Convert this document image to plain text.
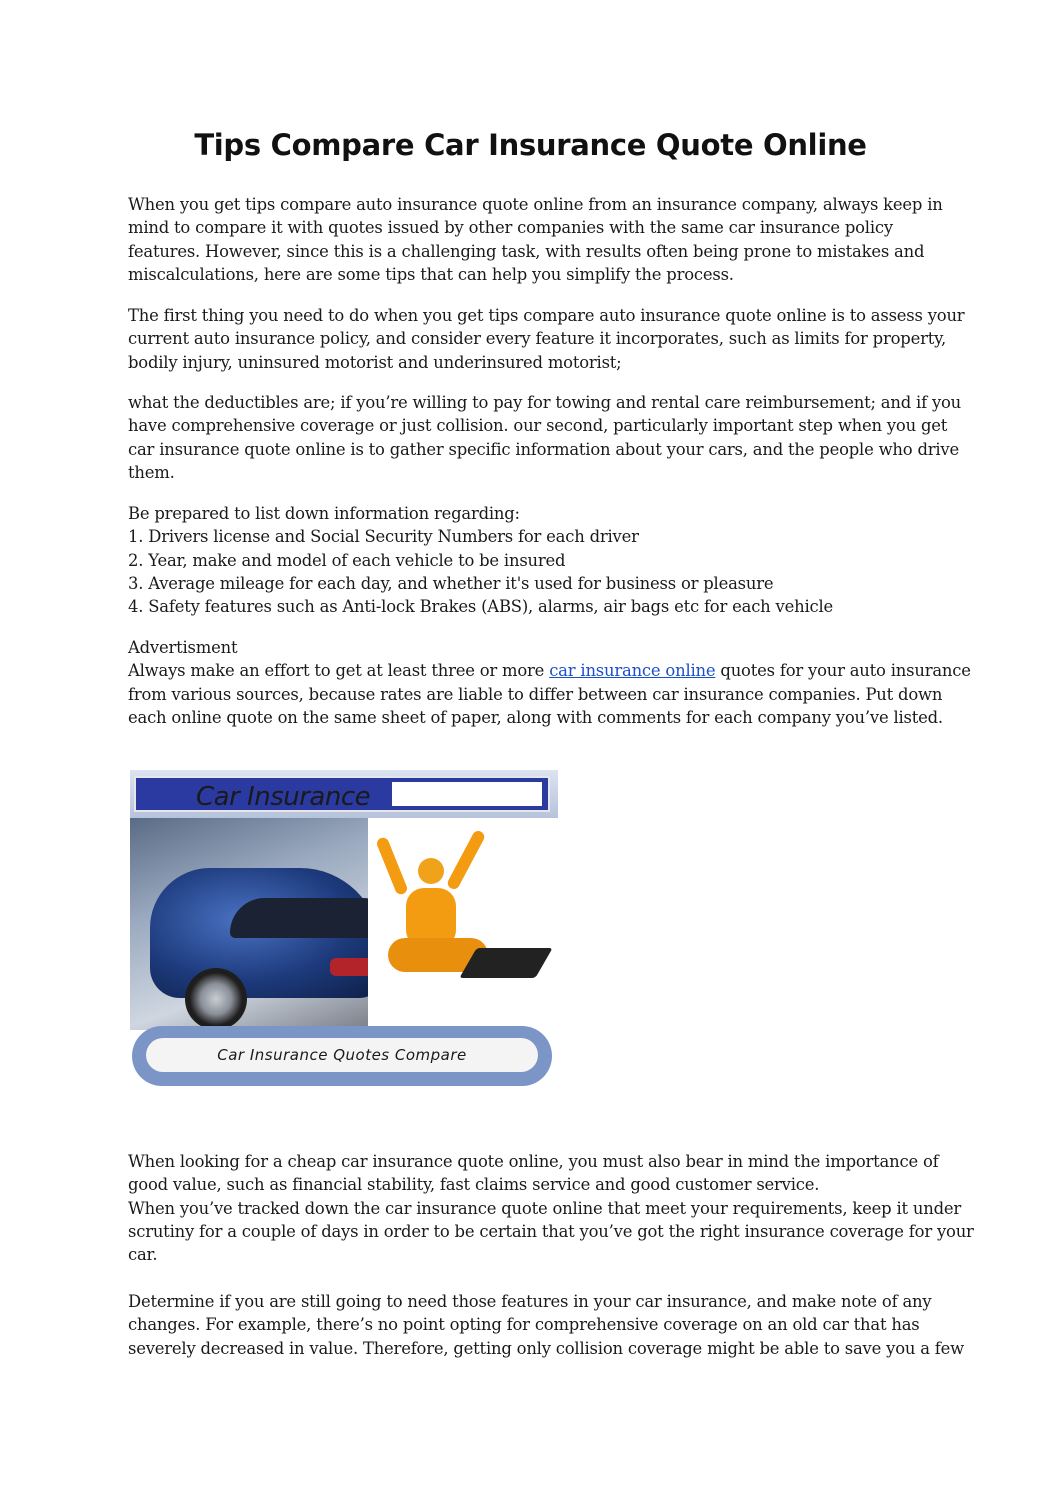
Tips Compare Car Insurance Quote Online

When you get tips compare auto insurance quote online from an insurance company, always keep in
mind to compare it with quotes issued by other companies with the same car insurance policy
features. However, since this is a challenging task, with results often being prone to mistakes and
miscalculations, here are some tips that can help you simplify the process.

The first thing you need to do when you get tips compare auto insurance quote online is to assess your
current auto insurance policy, and consider every feature it incorporates, such as limits for property,
bodily injury, uninsured motorist and underinsured motorist;

what the deductibles are; if you’re willing to pay for towing and rental care reimbursement; and if you
have comprehensive coverage or just collision. our second, particularly important step when you get
car insurance quote online is to gather specific information about your cars, and the people who drive
them.

Be prepared to list down information regarding:
1. Drivers license and Social Security Numbers for each driver
2. Year, make and model of each vehicle to be insured
3. Average mileage for each day, and whether it's used for business or pleasure
4. Safety features such as Anti-lock Brakes (ABS), alarms, air bags etc for each vehicle
Advertisment
Always make an effort to get at least three or more car insurance online quotes for your auto insurance
from various sources, because rates are liable to differ between car insurance companies. Put down
each online quote on the same sheet of paper, along with comments for each company you’ve listed.

When looking for a cheap car insurance quote online, you must also bear in mind the importance of
good value, such as financial stability, fast claims service and good customer service.
When you’ve tracked down the car insurance quote online that meet your requirements, keep it under
scrutiny for a couple of days in order to be certain that you’ve got the right insurance coverage for your
car.

Determine if you are still going to need those features in your car insurance, and make note of any
changes. For example, there’s no point opting for comprehensive coverage on an old car that has
severely decreased in value. Therefore, getting only collision coverage might be able to save you a few

Car Insurance
Car Insurance Quotes Compare
